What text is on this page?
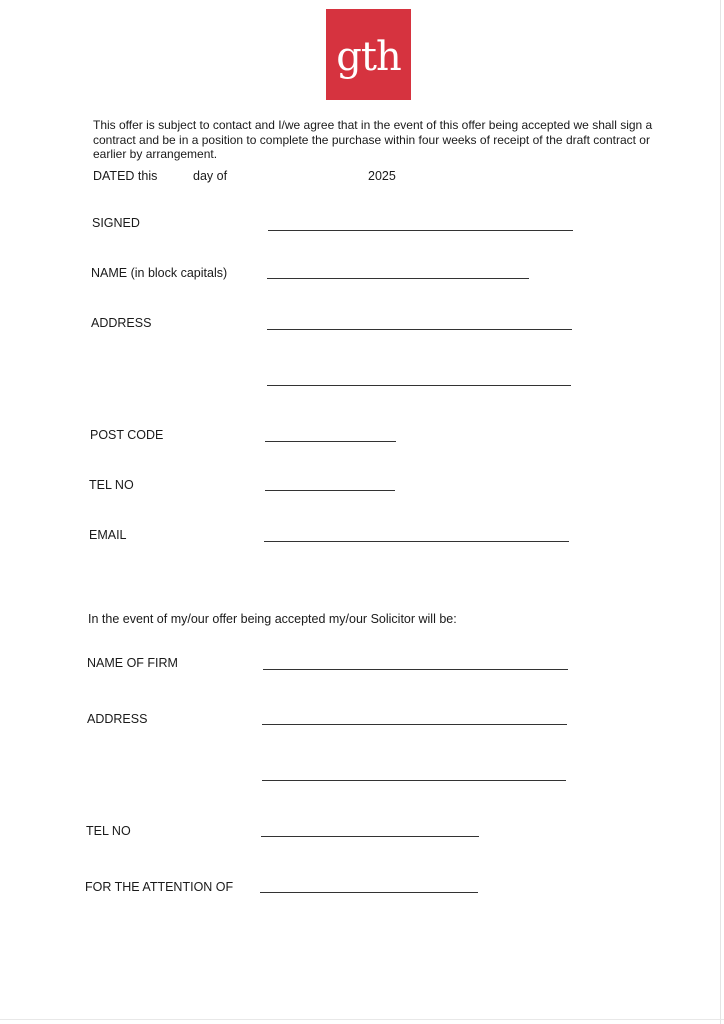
gth
This offer is subject to contact and I/we agree that in the event of this offer being accepted we shall sign a contract and be in a position to complete the purchase within four weeks of receipt of the draft contract or earlier by arrangement.
DATED this	day of	2025
SIGNED
NAME (in block capitals)
ADDRESS
POST CODE
TEL NO
EMAIL
In the event of my/our offer being accepted my/our Solicitor will be:
NAME OF FIRM
ADDRESS
TEL NO
FOR THE ATTENTION OF
